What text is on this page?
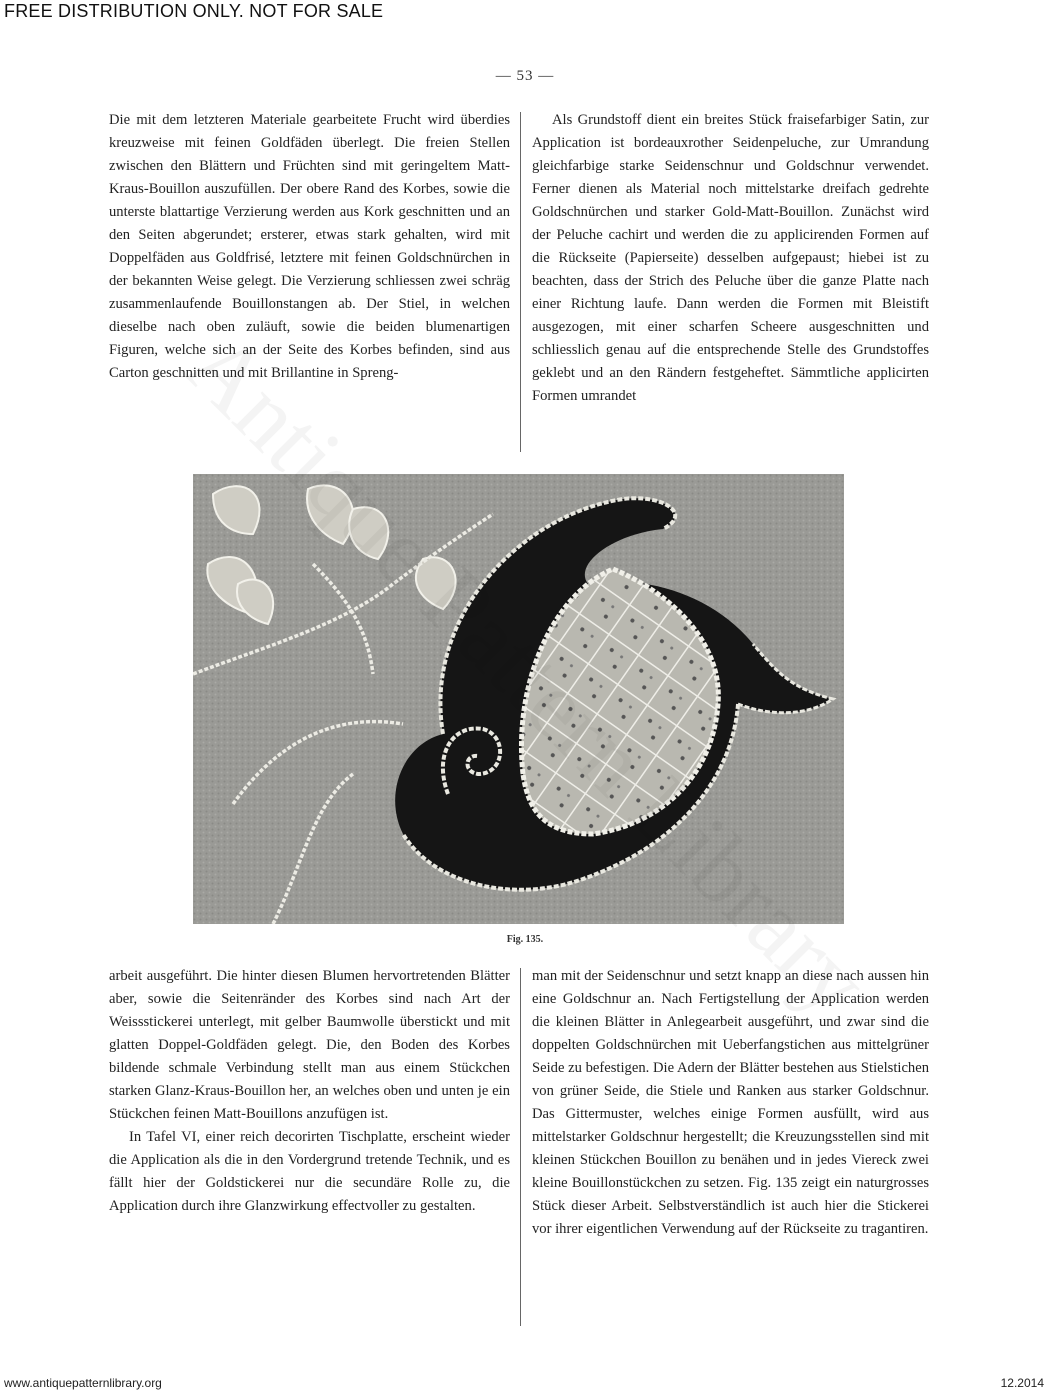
FREE DISTRIBUTION ONLY. NOT FOR SALE
— 53 —

Die mit dem letzteren Materiale gearbeitete Frucht wird überdies kreuzweise mit feinen Goldfäden überlegt. Die freien Stellen zwischen den Blättern und Früchten sind mit geringeltem Matt-Kraus-Bouillon auszufüllen. Der obere Rand des Korbes, sowie die unterste blattartige Verzierung werden aus Kork geschnitten und an den Seiten abgerundet; ersterer, etwas stark gehalten, wird mit Doppelfäden aus Goldfrisé, letztere mit feinen Goldschnürchen in der bekannten Weise gelegt. Die Verzierung schliessen zwei schräg zusammenlaufende Bouillonstangen ab. Der Stiel, in welchen dieselbe nach oben zuläuft, sowie die beiden blumenartigen Figuren, welche sich an der Seite des Korbes befinden, sind aus Carton geschnitten und mit Brillantine in Spreng-

Als Grundstoff dient ein breites Stück fraisefarbiger Satin, zur Application ist bordeauxrother Seidenpeluche, zur Umrandung gleichfarbige starke Seidenschnur und Goldschnur verwendet. Ferner dienen als Material noch mittelstarke dreifach gedrehte Goldschnürchen und starker Gold-Matt-Bouillon. Zunächst wird der Peluche cachirt und werden die zu applicirenden Formen auf die Rückseite (Papierseite) desselben aufgepaust; hiebei ist zu beachten, dass der Strich des Peluche über die ganze Platte nach einer Richtung laufe. Dann werden die Formen mit Bleistift ausgezogen, mit einer scharfen Scheere ausgeschnitten und schliesslich genau auf die entsprechende Stelle des Grundstoffes geklebt und an den Rändern festgeheftet. Sämmtliche applicirten Formen umrandet

Fig. 135.

arbeit ausgeführt. Die hinter diesen Blumen hervortretenden Blätter aber, sowie die Seitenränder des Korbes sind nach Art der Weissstickerei unterlegt, mit gelber Baumwolle überstickt und mit glatten Doppel-Goldfäden gelegt. Die, den Boden des Korbes bildende schmale Verbindung stellt man aus einem Stückchen starken Glanz-Kraus-Bouillon her, an welches oben und unten je ein Stückchen feinen Matt-Bouillons anzufügen ist.

In Tafel VI, einer reich decorirten Tischplatte, erscheint wieder die Application als die in den Vordergrund tretende Technik, und es fällt hier der Goldstickerei nur die secundäre Rolle zu, die Application durch ihre Glanzwirkung effectvoller zu gestalten.

man mit der Seidenschnur und setzt knapp an diese nach aussen hin eine Goldschnur an. Nach Fertigstellung der Application werden die kleinen Blätter in Anlegearbeit ausgeführt, und zwar sind die doppelten Goldschnürchen mit Ueberfangstichen aus mittelgrüner Seide zu befestigen. Die Adern der Blätter bestehen aus Stielstichen von grüner Seide, die Stiele und Ranken aus starker Goldschnur. Das Gittermuster, welches einige Formen ausfüllt, wird aus mittelstarker Goldschnur hergestellt; die Kreuzungsstellen sind mit kleinen Stückchen Bouillon zu benähen und in jedes Viereck zwei kleine Bouillonstückchen zu setzen. Fig. 135 zeigt ein naturgrosses Stück dieser Arbeit. Selbstverständlich ist auch hier die Stickerei vor ihrer eigentlichen Verwendung auf der Rückseite zu tragantiren.

www.antiquepatternlibrary.org	12.2014
